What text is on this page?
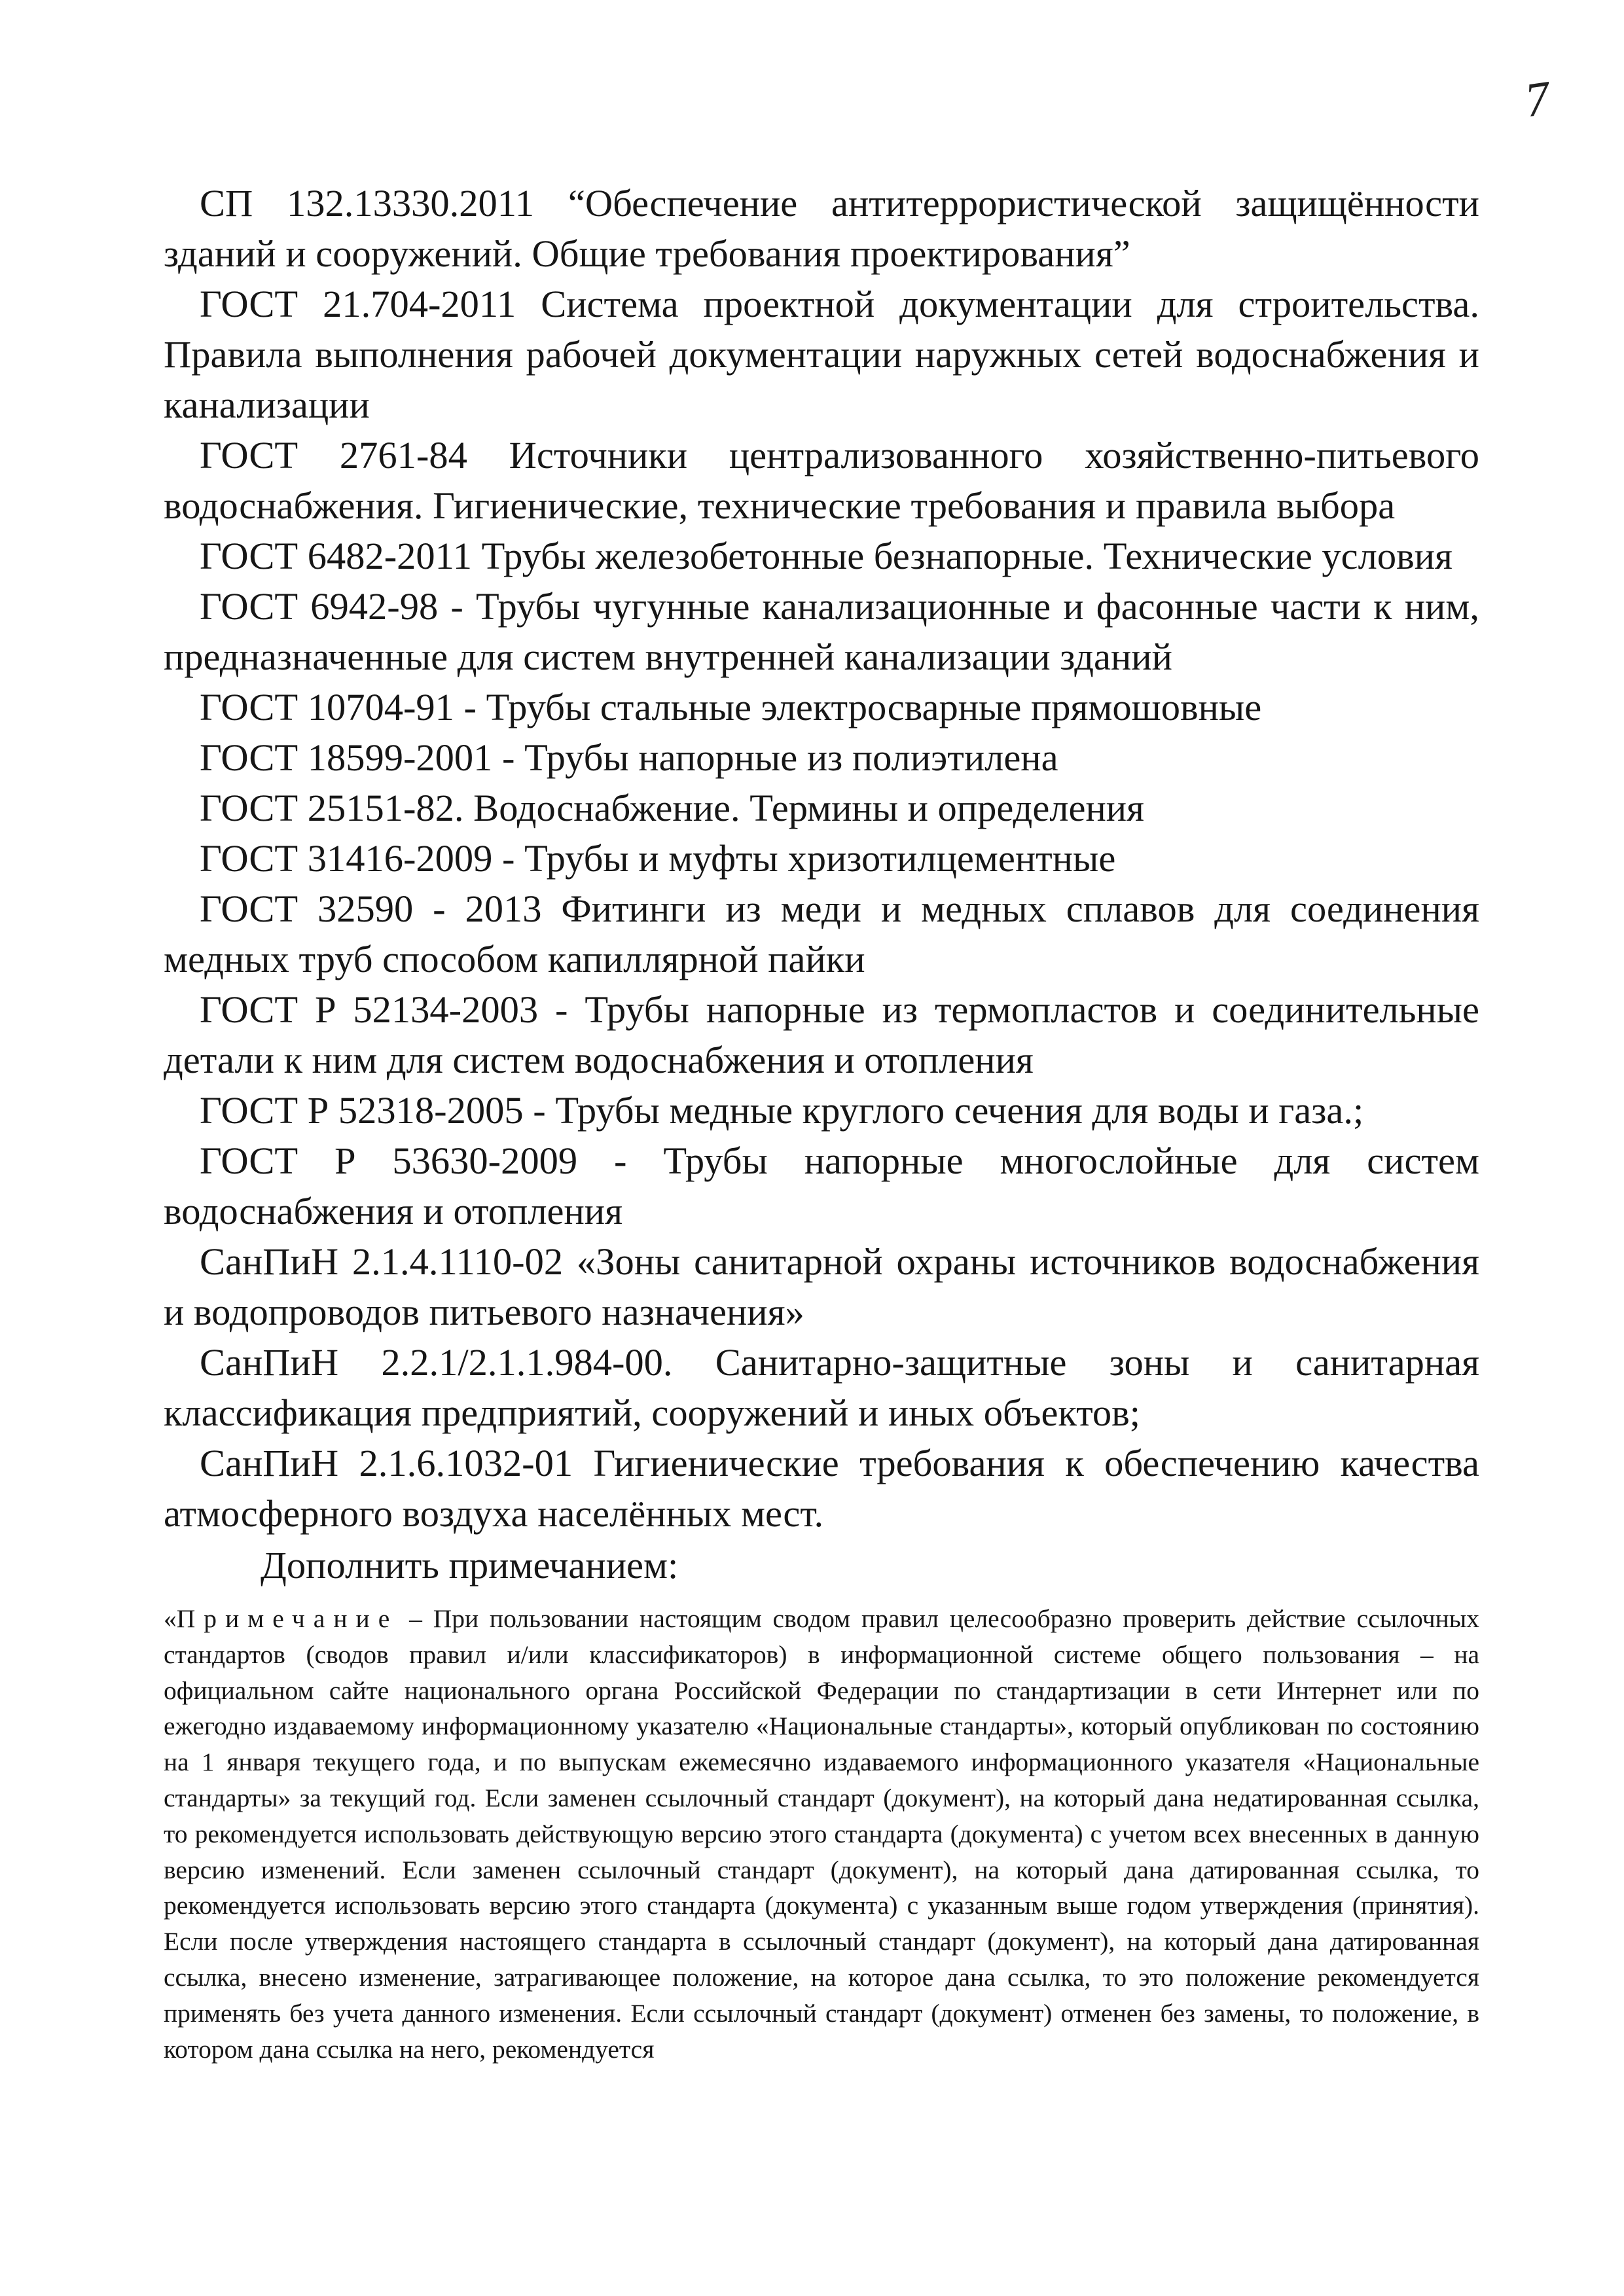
7

СП 132.13330.2011 “Обеспечение антитеррористической защищённости зданий и сооружений. Общие требования проектирования”

ГОСТ 21.704-2011 Система проектной документации для строительства. Правила выполнения рабочей документации наружных сетей водоснабжения и канализации

ГОСТ 2761-84 Источники централизованного хозяйственно-питьевого водоснабжения. Гигиенические, технические требования и правила выбора

ГОСТ 6482-2011 Трубы железобетонные безнапорные. Технические условия

ГОСТ 6942-98 - Трубы чугунные канализационные и фасонные части к ним, предназначенные для систем внутренней канализации зданий

ГОСТ 10704-91 - Трубы стальные электросварные прямошовные

ГОСТ 18599-2001 - Трубы напорные из полиэтилена

ГОСТ 25151-82. Водоснабжение. Термины и определения

ГОСТ 31416-2009 - Трубы и муфты хризотилцементные

ГОСТ 32590 - 2013 Фитинги из меди и медных сплавов для соединения медных труб способом капиллярной пайки

ГОСТ Р 52134-2003 - Трубы напорные из термопластов и соединительные детали к ним для систем водоснабжения и отопления

ГОСТ Р 52318-2005 - Трубы медные круглого сечения для воды и газа.;

ГОСТ Р 53630-2009 - Трубы напорные многослойные для систем водоснабжения и отопления

СанПиН 2.1.4.1110-02 «Зоны санитарной охраны источников водоснабжения и водопроводов питьевого назначения»

СанПиН 2.2.1/2.1.1.984-00. Санитарно-защитные зоны и санитарная классификация предприятий, сооружений и иных объектов;

СанПиН 2.1.6.1032-01 Гигиенические требования к обеспечению качества атмосферного воздуха населённых мест.

Дополнить примечанием:

«Примечание – При пользовании настоящим сводом правил целесообразно проверить действие ссылочных стандартов (сводов правил и/или классификаторов) в информационной системе общего пользования – на официальном сайте национального органа Российской Федерации по стандартизации в сети Интернет или по ежегодно издаваемому информационному указателю «Национальные стандарты», который опубликован по состоянию на 1 января текущего года, и по выпускам ежемесячно издаваемого информационного указателя «Национальные стандарты» за текущий год. Если заменен ссылочный стандарт (документ), на который дана недатированная ссылка, то рекомендуется использовать действующую версию этого стандарта (документа) с учетом всех внесенных в данную версию изменений. Если заменен ссылочный стандарт (документ), на который дана датированная ссылка, то рекомендуется использовать версию этого стандарта (документа) с указанным выше годом утверждения (принятия). Если после утверждения настоящего стандарта в ссылочный стандарт (документ), на который дана датированная ссылка, внесено изменение, затрагивающее положение, на которое дана ссылка, то это положение рекомендуется применять без учета данного изменения. Если ссылочный стандарт (документ) отменен без замены, то положение, в котором дана ссылка на него, рекомендуется
